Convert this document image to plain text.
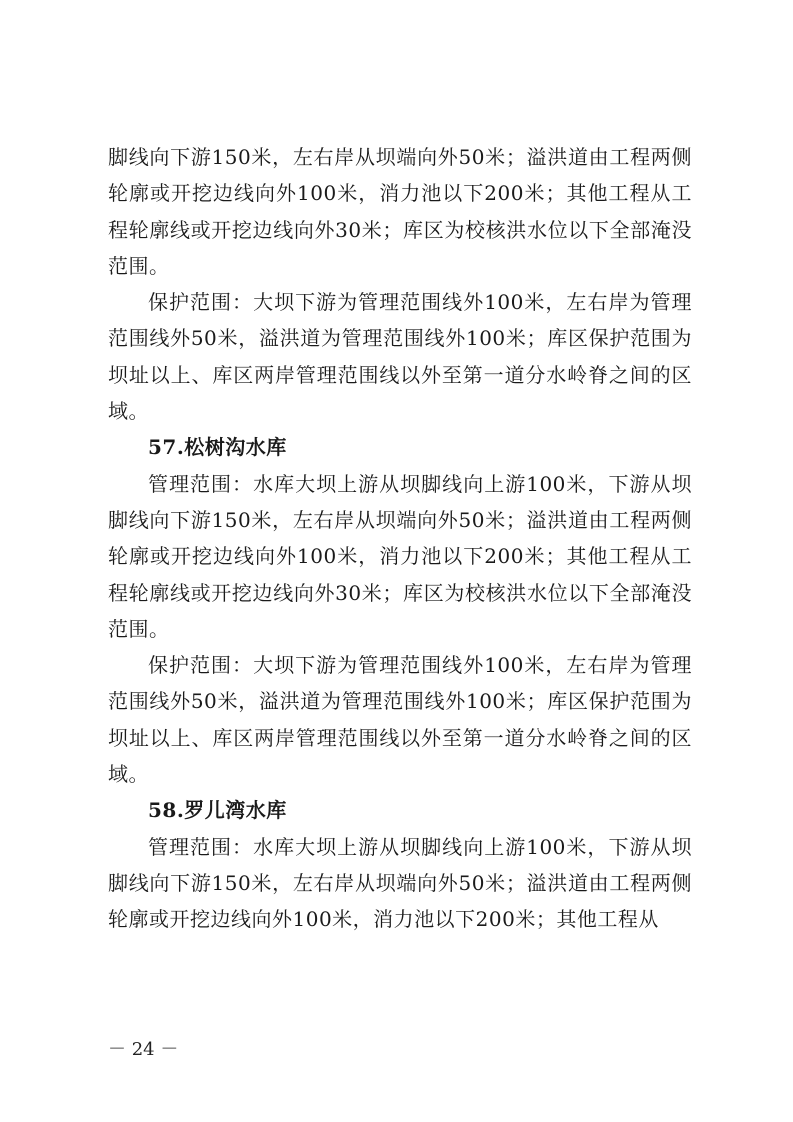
脚线向下游150米，左右岸从坝端向外50米；溢洪道由工程两侧轮廓或开挖边线向外100米，消力池以下200米；其他工程从工程轮廓线或开挖边线向外30米；库区为校核洪水位以下全部淹没范围。

保护范围：大坝下游为管理范围线外100米，左右岸为管理范围线外50米，溢洪道为管理范围线外100米；库区保护范围为坝址以上、库区两岸管理范围线以外至第一道分水岭脊之间的区域。

57.松树沟水库

管理范围：水库大坝上游从坝脚线向上游100米，下游从坝脚线向下游150米，左右岸从坝端向外50米；溢洪道由工程两侧轮廓或开挖边线向外100米，消力池以下200米；其他工程从工程轮廓线或开挖边线向外30米；库区为校核洪水位以下全部淹没范围。

保护范围：大坝下游为管理范围线外100米，左右岸为管理范围线外50米，溢洪道为管理范围线外100米；库区保护范围为坝址以上、库区两岸管理范围线以外至第一道分水岭脊之间的区域。

58.罗儿湾水库

管理范围：水库大坝上游从坝脚线向上游100米，下游从坝脚线向下游150米，左右岸从坝端向外50米；溢洪道由工程两侧轮廓或开挖边线向外100米，消力池以下200米；其他工程从

－ 24 －
